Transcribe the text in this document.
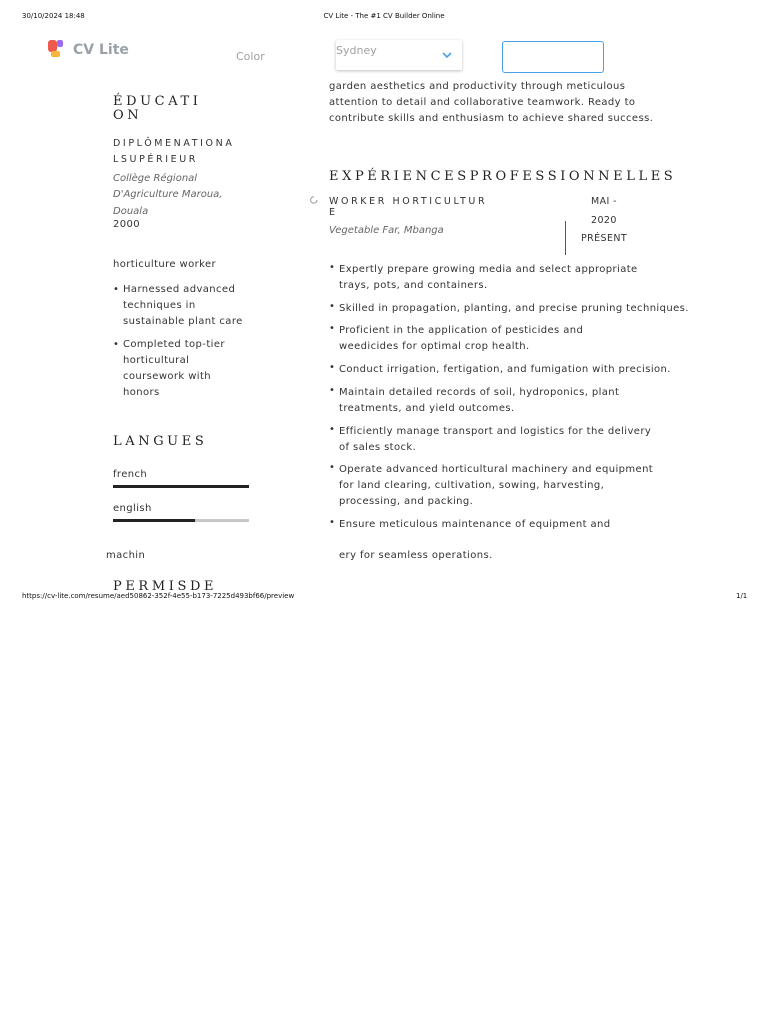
30/10/2024 18:48	CV Lite - The #1 CV Builder Online
CV Lite	Color	Sydney
garden aesthetics and productivity through meticulous
attention to detail and collaborative teamwork. Ready to
contribute skills and enthusiasm to achieve shared success.
ÉDUCATI
ON
DIPLÔMENATIONA
LSUPÉRIEUR
Collège Régional
D'Agriculture Maroua,
Douala
2000
horticulture worker
• Harnessed advanced
techniques in
sustainable plant care
• Completed top-tier
horticultural
coursework with
honors
LANGUES
french
english
machin
PERMISDE
EXPÉRIENCESPROFESSIONNELLES
WORKER HORTICULTUR
E
Vegetable Far, Mbanga
MAI -
2020
PRÉSENT
• Expertly prepare growing media and select appropriate
trays, pots, and containers.
• Skilled in propagation, planting, and precise pruning techniques.
• Proficient in the application of pesticides and
weedicides for optimal crop health.
• Conduct irrigation, fertigation, and fumigation with precision.
• Maintain detailed records of soil, hydroponics, plant
treatments, and yield outcomes.
• Efficiently manage transport and logistics for the delivery
of sales stock.
• Operate advanced horticultural machinery and equipment
for land clearing, cultivation, sowing, harvesting,
processing, and packing.
• Ensure meticulous maintenance of equipment and
ery for seamless operations.
https://cv-lite.com/resume/aed50862-352f-4e55-b173-7225d493bf66/preview	1/1
